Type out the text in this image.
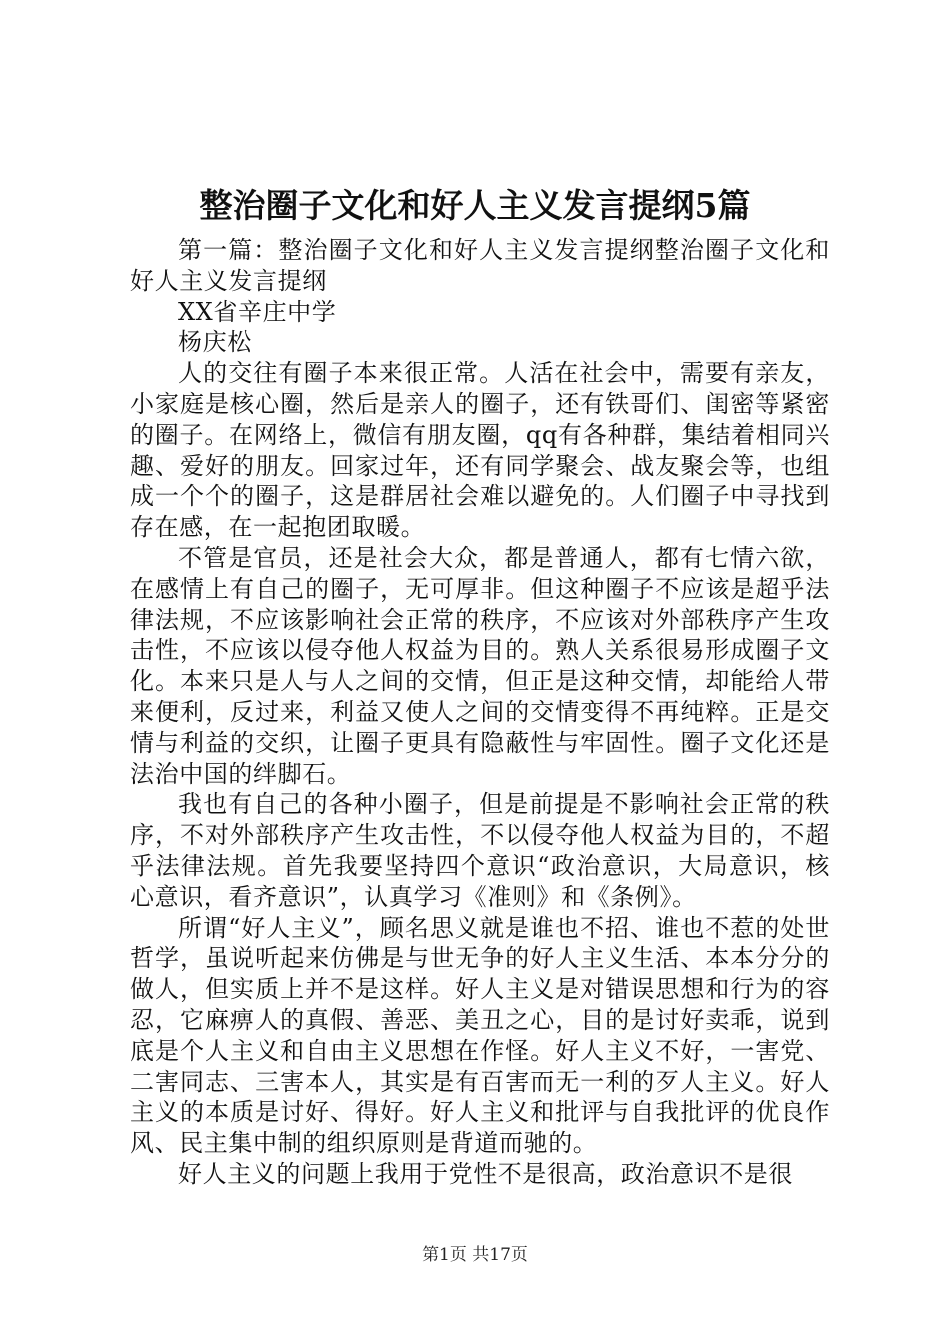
整治圈子文化和好人主义发言提纲5篇

第一篇：整治圈子文化和好人主义发言提纲整治圈子文化和好人主义发言提纲

XX省辛庄中学

杨庆松

人的交往有圈子本来很正常。人活在社会中，需要有亲友，小家庭是核心圈，然后是亲人的圈子，还有铁哥们、闺密等紧密的圈子。在网络上，微信有朋友圈，qq有各种群，集结着相同兴趣、爱好的朋友。回家过年，还有同学聚会、战友聚会等，也组成一个个的圈子，这是群居社会难以避免的。人们圈子中寻找到存在感，在一起抱团取暖。

不管是官员，还是社会大众，都是普通人，都有七情六欲，在感情上有自己的圈子，无可厚非。但这种圈子不应该是超乎法律法规，不应该影响社会正常的秩序，不应该对外部秩序产生攻击性，不应该以侵夺他人权益为目的。熟人关系很易形成圈子文化。本来只是人与人之间的交情，但正是这种交情，却能给人带来便利，反过来，利益又使人之间的交情变得不再纯粹。正是交情与利益的交织，让圈子更具有隐蔽性与牢固性。圈子文化还是法治中国的绊脚石。

我也有自己的各种小圈子，但是前提是不影响社会正常的秩序，不对外部秩序产生攻击性，不以侵夺他人权益为目的，不超乎法律法规。首先我要坚持四个意识“政治意识，大局意识，核心意识，看齐意识”，认真学习《准则》和《条例》。

所谓“好人主义”，顾名思义就是谁也不招、谁也不惹的处世哲学，虽说听起来仿佛是与世无争的好人主义生活、本本分分的做人，但实质上并不是这样。好人主义是对错误思想和行为的容忍，它麻痹人的真假、善恶、美丑之心，目的是讨好卖乖，说到底是个人主义和自由主义思想在作怪。好人主义不好，一害党、二害同志、三害本人，其实是有百害而无一利的歹人主义。好人主义的本质是讨好、得好。好人主义和批评与自我批评的优良作风、民主集中制的组织原则是背道而驰的。

好人主义的问题上我用于党性不是很高，政治意识不是很

第1页 共17页
